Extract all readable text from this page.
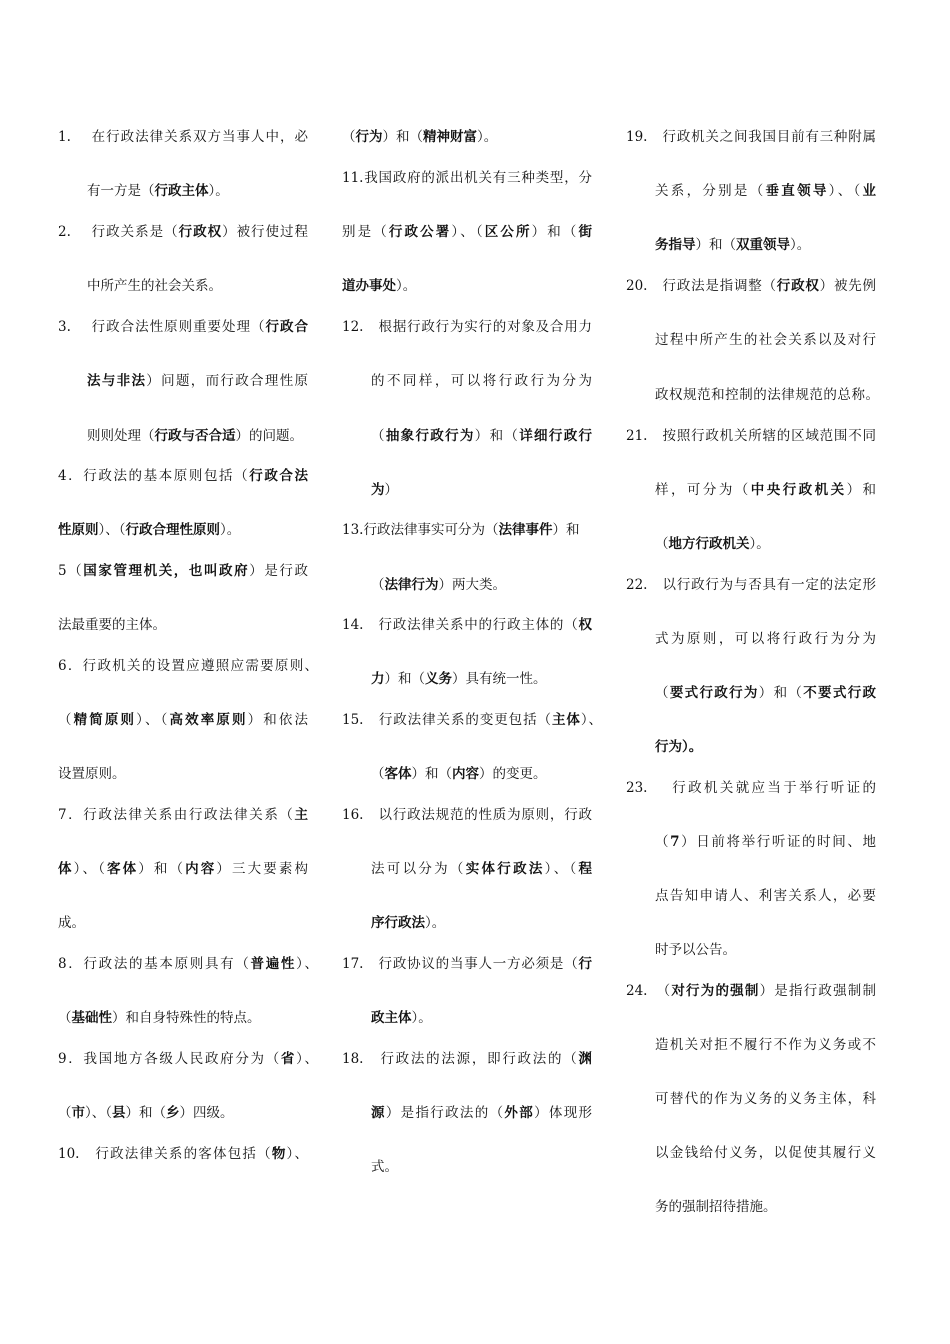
1.　 在行政法律关系双方当事人中，必
有一方是（行政主体）。
2.　 行政关系是（行政权）被行使过程
中所产生的社会关系。
3.　 行政合法性原则重要处理（行政合
法与非法）问题，而行政合理性原
则则处理（行政与否合适）的问题。
4．行政法的基本原则包括（行政合法
性原则）、（行政合理性原则）。
5（国家管理机关，也叫政府）是行政
法最重要的主体。
6．行政机关的设置应遵照应需要原则、
（精简原则）、（高效率原则）和依法
设置原则。
7．行政法律关系由行政法律关系（主
体）、（客体）和（内容）三大要素构
成。
8．行政法的基本原则具有（普遍性）、
（基础性）和自身特殊性的特点。
9．我国地方各级人民政府分为（省）、
（市）、（县）和（乡）四级。
10.　行政法律关系的客体包括（物）、
（行为）和（精神财富）。
11.我国政府的派出机关有三种类型，分
别是（行政公署）、（区公所）和（街
道办事处）。
12.　根据行政行为实行的对象及合用力
的不同样，可以将行政行为分为
（抽象行政行为）和（详细行政行
为）
13.行政法律事实可分为（法律事件）和
（法律行为）两大类。
14.　行政法律关系中的行政主体的（权
力）和（义务）具有统一性。
15.　行政法律关系的变更包括（主体）、
（客体）和（内容）的变更。
16.　以行政法规范的性质为原则，行政
法可以分为（实体行政法）、（程
序行政法）。
17.　行政协议的当事人一方必须是（行
政主体）。
18.　行政法的法源，即行政法的（渊
源）是指行政法的（外部）体现形
式。
19.　行政机关之间我国目前有三种附属
关系，分别是（垂直领导）、（业
务指导）和（双重领导）。
20.　行政法是指调整（行政权）被先例
过程中所产生的社会关系以及对行
政权规范和控制的法律规范的总称。
21.　按照行政机关所辖的区域范围不同
样，可分为（中央行政机关）和
（地方行政机关）。
22.　以行政行为与否具有一定的法定形
式为原则，可以将行政行为分为
（要式行政行为）和（不要式行政
行为）。
23.　 行政机关就应当于举行听证的
（7）日前将举行听证的时间、地
点告知申请人、利害关系人，必要
时予以公告。
24.　（对行为的强制）是指行政强制制
造机关对拒不履行不作为义务或不
可替代的作为义务的义务主体，科
以金钱给付义务，以促使其履行义
务的强制招待措施。
